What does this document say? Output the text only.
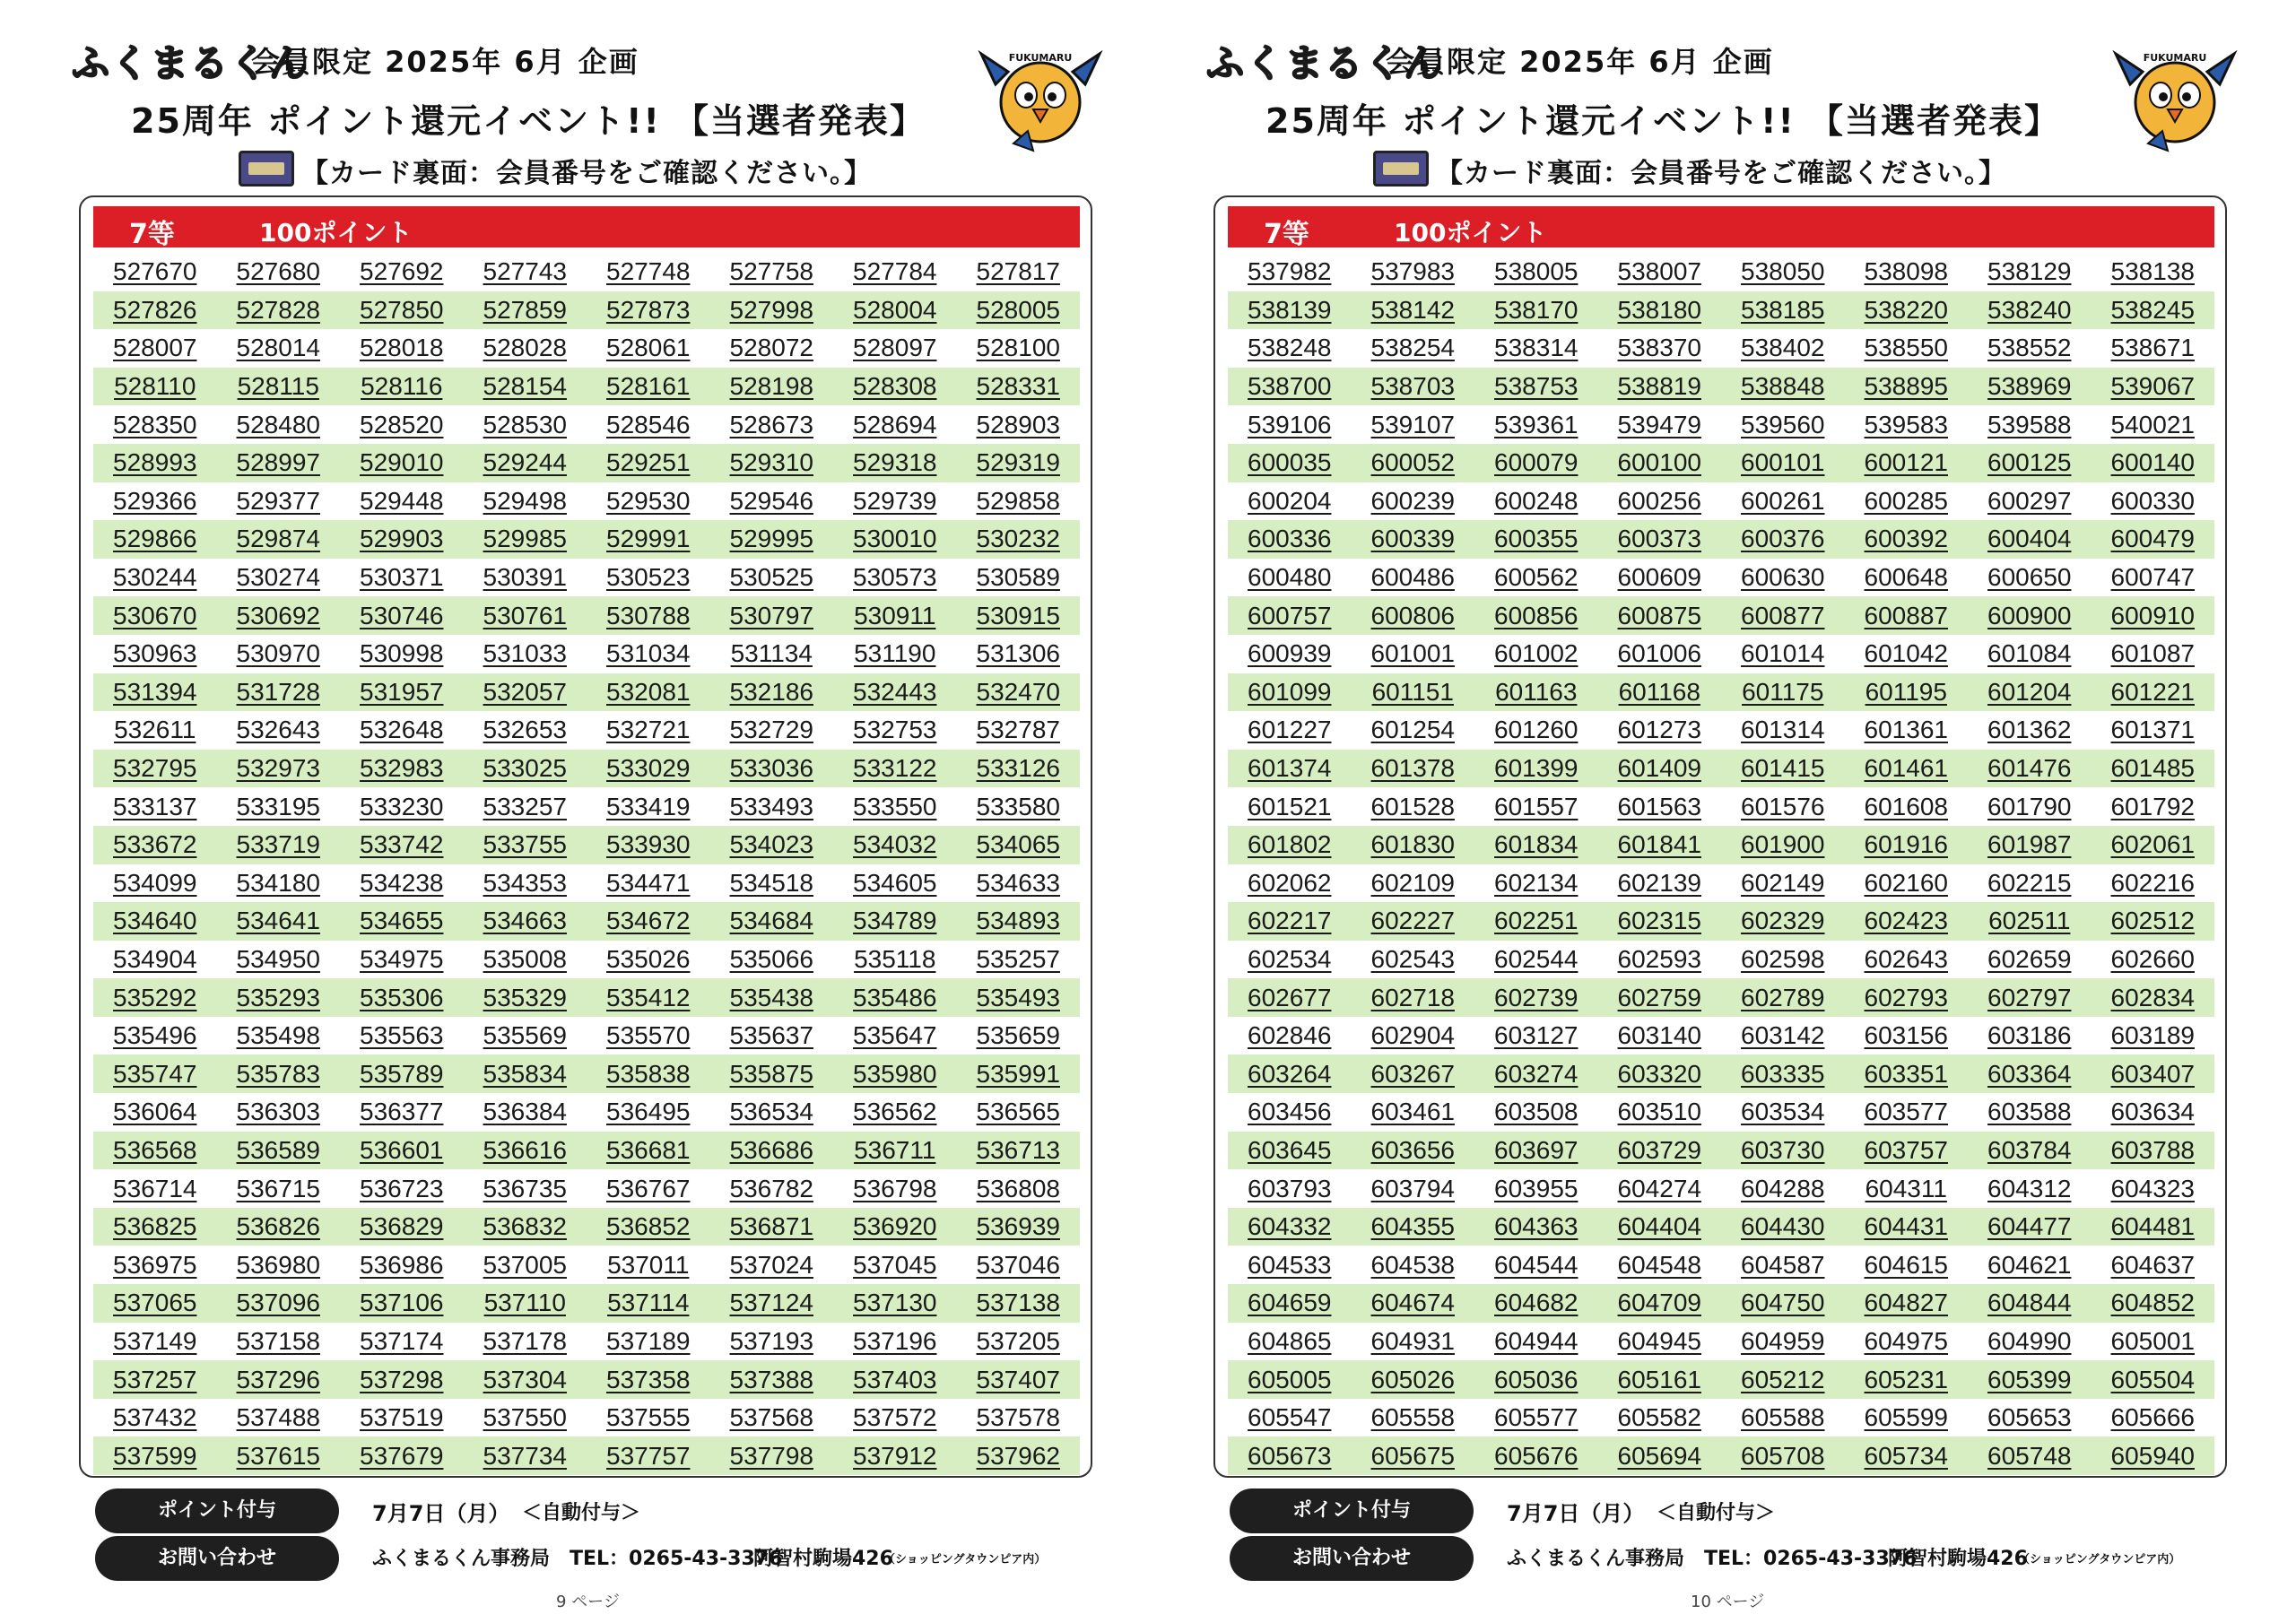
ふくまるくん
会員限定 2025年 6月 企画
25周年 ポイント還元イベント!! 【当選者発表】
【カード裏面：会員番号をご確認ください。】
FUKUMARU
7等	100ポイント
527670	527680	527692	527743	527748	527758	527784	527817
527826	527828	527850	527859	527873	527998	528004	528005
528007	528014	528018	528028	528061	528072	528097	528100
528110	528115	528116	528154	528161	528198	528308	528331
528350	528480	528520	528530	528546	528673	528694	528903
528993	528997	529010	529244	529251	529310	529318	529319
529366	529377	529448	529498	529530	529546	529739	529858
529866	529874	529903	529985	529991	529995	530010	530232
530244	530274	530371	530391	530523	530525	530573	530589
530670	530692	530746	530761	530788	530797	530911	530915
530963	530970	530998	531033	531034	531134	531190	531306
531394	531728	531957	532057	532081	532186	532443	532470
532611	532643	532648	532653	532721	532729	532753	532787
532795	532973	532983	533025	533029	533036	533122	533126
533137	533195	533230	533257	533419	533493	533550	533580
533672	533719	533742	533755	533930	534023	534032	534065
534099	534180	534238	534353	534471	534518	534605	534633
534640	534641	534655	534663	534672	534684	534789	534893
534904	534950	534975	535008	535026	535066	535118	535257
535292	535293	535306	535329	535412	535438	535486	535493
535496	535498	535563	535569	535570	535637	535647	535659
535747	535783	535789	535834	535838	535875	535980	535991
536064	536303	536377	536384	536495	536534	536562	536565
536568	536589	536601	536616	536681	536686	536711	536713
536714	536715	536723	536735	536767	536782	536798	536808
536825	536826	536829	536832	536852	536871	536920	536939
536975	536980	536986	537005	537011	537024	537045	537046
537065	537096	537106	537110	537114	537124	537130	537138
537149	537158	537174	537178	537189	537193	537196	537205
537257	537296	537298	537304	537358	537388	537403	537407
537432	537488	537519	537550	537555	537568	537572	537578
537599	537615	537679	537734	537757	537798	537912	537962
ポイント付与	7月7日（月） ＜自動付与＞
お問い合わせ	ふくまるくん事務局 TEL：0265-43-3376
阿智村駒場426
（ショッピングタウンピア内）
9 ページ
ふくまるくん
会員限定 2025年 6月 企画
25周年 ポイント還元イベント!! 【当選者発表】
【カード裏面：会員番号をご確認ください。】
FUKUMARU
7等	100ポイント
537982	537983	538005	538007	538050	538098	538129	538138
538139	538142	538170	538180	538185	538220	538240	538245
538248	538254	538314	538370	538402	538550	538552	538671
538700	538703	538753	538819	538848	538895	538969	539067
539106	539107	539361	539479	539560	539583	539588	540021
600035	600052	600079	600100	600101	600121	600125	600140
600204	600239	600248	600256	600261	600285	600297	600330
600336	600339	600355	600373	600376	600392	600404	600479
600480	600486	600562	600609	600630	600648	600650	600747
600757	600806	600856	600875	600877	600887	600900	600910
600939	601001	601002	601006	601014	601042	601084	601087
601099	601151	601163	601168	601175	601195	601204	601221
601227	601254	601260	601273	601314	601361	601362	601371
601374	601378	601399	601409	601415	601461	601476	601485
601521	601528	601557	601563	601576	601608	601790	601792
601802	601830	601834	601841	601900	601916	601987	602061
602062	602109	602134	602139	602149	602160	602215	602216
602217	602227	602251	602315	602329	602423	602511	602512
602534	602543	602544	602593	602598	602643	602659	602660
602677	602718	602739	602759	602789	602793	602797	602834
602846	602904	603127	603140	603142	603156	603186	603189
603264	603267	603274	603320	603335	603351	603364	603407
603456	603461	603508	603510	603534	603577	603588	603634
603645	603656	603697	603729	603730	603757	603784	603788
603793	603794	603955	604274	604288	604311	604312	604323
604332	604355	604363	604404	604430	604431	604477	604481
604533	604538	604544	604548	604587	604615	604621	604637
604659	604674	604682	604709	604750	604827	604844	604852
604865	604931	604944	604945	604959	604975	604990	605001
605005	605026	605036	605161	605212	605231	605399	605504
605547	605558	605577	605582	605588	605599	605653	605666
605673	605675	605676	605694	605708	605734	605748	605940
ポイント付与	7月7日（月） ＜自動付与＞
お問い合わせ	ふくまるくん事務局 TEL：0265-43-3376
阿智村駒場426
（ショッピングタウンピア内）
10 ページ
